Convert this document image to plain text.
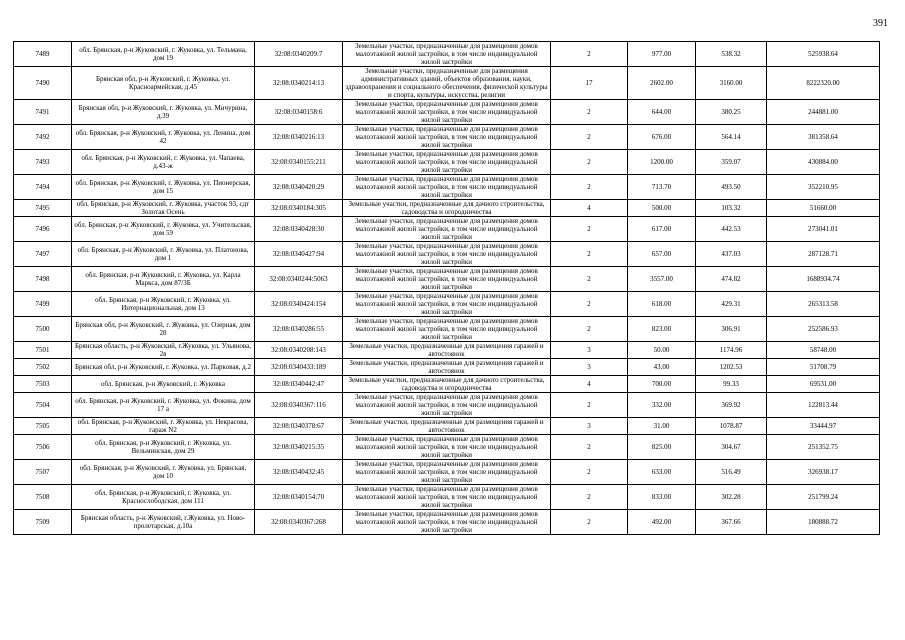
391
7489	обл. Брянская, р-н Жуковский, г. Жуковка, ул. Тельмана, дом 19	32:08:0340209:7	Земельные участки, предназначенные для размещения домов малоэтажной жилой застройки, в том числе индивидуальной жилой застройки	2	977.00	538.32	525938.64
7490	Брянская обл, р-н Жуковский, г. Жуковка, ул. Красноармейская, д.45	32:08:0340214:13	Земельные участки, предназначенные для размещения административных зданий, объектов образования, науки, здравоохранения и социального обеспечения, физической культуры и спорта, культуры, искусства, религии	17	2602.00	3160.00	8222320.00
7491	Брянская обл, р-н Жуковский, г. Жуковка, ул. Мичурина, д.39	32:08:0340158:6	Земельные участки, предназначенные для размещения домов малоэтажной жилой застройки, в том числе индивидуальной жилой застройки	2	644.00	380.25	244881.00
7492	обл. Брянская, р-н Жуковский, г. Жуковка, ул. Ленина, дом 42	32:08:0340216:13	Земельные участки, предназначенные для размещения домов малоэтажной жилой застройки, в том числе индивидуальной жилой застройки	2	676.00	564.14	381358.64
7493	обл. Брянская, р-н Жуковский, г. Жуковка, ул. Чапаева, д.43-ж	32:08:0340155:211	Земельные участки, предназначенные для размещения домов малоэтажной жилой застройки, в том числе индивидуальной жилой застройки	2	1200.00	359.07	430884.00
7494	обл. Брянская, р-н Жуковский, г. Жуковка, ул. Пионерская, дом 15	32:08:0340420:29	Земельные участки, предназначенные для размещения домов малоэтажной жилой застройки, в том числе индивидуальной жилой застройки	2	713.70	493.50	352210.95
7495	обл. Брянская, р-н Жуковский, г. Жуковка, участок 93, сдт Золотая Осень	32:08:0340184:305	Земельные участки, предназначенные для дачного строительства, садоводства и огородничества	4	500.00	103.32	51660.00
7496	обл. Брянская, р-н Жуковский, г. Жуковка, ул. Учительская, дом 59	32:08:0340428:30	Земельные участки, предназначенные для размещения домов малоэтажной жилой застройки, в том числе индивидуальной жилой застройки	2	617.00	442.53	273041.01
7497	обл. Брянская, р-н Жуковский, г. Жуковка, ул. Платонова, дом 1	32:08:0340427:94	Земельные участки, предназначенные для размещения домов малоэтажной жилой застройки, в том числе индивидуальной жилой застройки	2	657.00	437.03	287128.71
7498	обл. Брянская, р-н Жуковский, г. Жуковка, ул. Карла Маркса, дом 87/3Б	32:08:0340244:5063	Земельные участки, предназначенные для размещения домов малоэтажной жилой застройки, в том числе индивидуальной жилой застройки	2	3557.00	474.82	1688934.74
7499	обл. Брянская, р-н Жуковский, г. Жуковка, ул. Интернациональная, дом 13	32:08:0340424:154	Земельные участки, предназначенные для размещения домов малоэтажной жилой застройки, в том числе индивидуальной жилой застройки	2	618.00	429.31	265313.58
7500	Брянская обл, р-н Жуковский, г. Жуковка, ул. Озерная, дом 28	32:08:0340286:55	Земельные участки, предназначенные для размещения домов малоэтажной жилой застройки, в том числе индивидуальной жилой застройки	2	823.00	306.91	252586.93
7501	Брянская область, р-н Жуковский, г.Жуковка, ул. Ульянова, 2в	32:08:0340208:143	Земельные участки, предназначенные для размещения гаражей и автостоянок	3	50.00	1174.96	58748.00
7502	Брянская обл, р-н Жуковский, г. Жуковка, ул. Парковая, д.2	32:08:0340433:189	Земельные участки, предназначенные для размещения гаражей и автостоянок	3	43.00	1202.53	51708.79
7503	обл. Брянская, р-н Жуковский, г. Жуковка	32:08:0340442:47	Земельные участки, предназначенные для дачного строительства, садоводства и огородничества	4	700.00	99.33	69531.00
7504	обл. Брянская, р-н Жуковский, г. Жуковка, ул. Фокина, дом 17 а	32:08:0340367:116	Земельные участки, предназначенные для размещения домов малоэтажной жилой застройки, в том числе индивидуальной жилой застройки	2	332.00	369.92	122813.44
7505	обл. Брянская, р-н Жуковский, г. Жуковка, ул. Некрасова, гараж N2	32:08:0340378:67	Земельные участки, предназначенные для размещения гаражей и автостоянок	3	31.00	1078.87	33444.97
7506	обл. Брянская, р-н Жуковский, г. Жуковка, ул. Вельминская, дом 29	32:08:0340215:35	Земельные участки, предназначенные для размещения домов малоэтажной жилой застройки, в том числе индивидуальной жилой застройки	2	825.00	304.67	251352.75
7507	обл. Брянская, р-н Жуковский, г. Жуковка, ул. Брянская, дом 10	32:08:0340432:45	Земельные участки, предназначенные для размещения домов малоэтажной жилой застройки, в том числе индивидуальной жилой застройки	2	633.00	516.49	326938.17
7508	обл. Брянская, р-н Жуковский, г. Жуковка, ул. Краснослободская, дом 111	32:08:0340154:70	Земельные участки, предназначенные для размещения домов малоэтажной жилой застройки, в том числе индивидуальной жилой застройки	2	833.00	302.28	251799.24
7509	Брянская область, р-н Жуковский, г.Жуковка, ул. Ново-пролетарская, д.10а	32:08:0340367:268	Земельные участки, предназначенные для размещения домов малоэтажной жилой застройки, в том числе индивидуальной жилой застройки	2	492.00	367.66	180888.72
